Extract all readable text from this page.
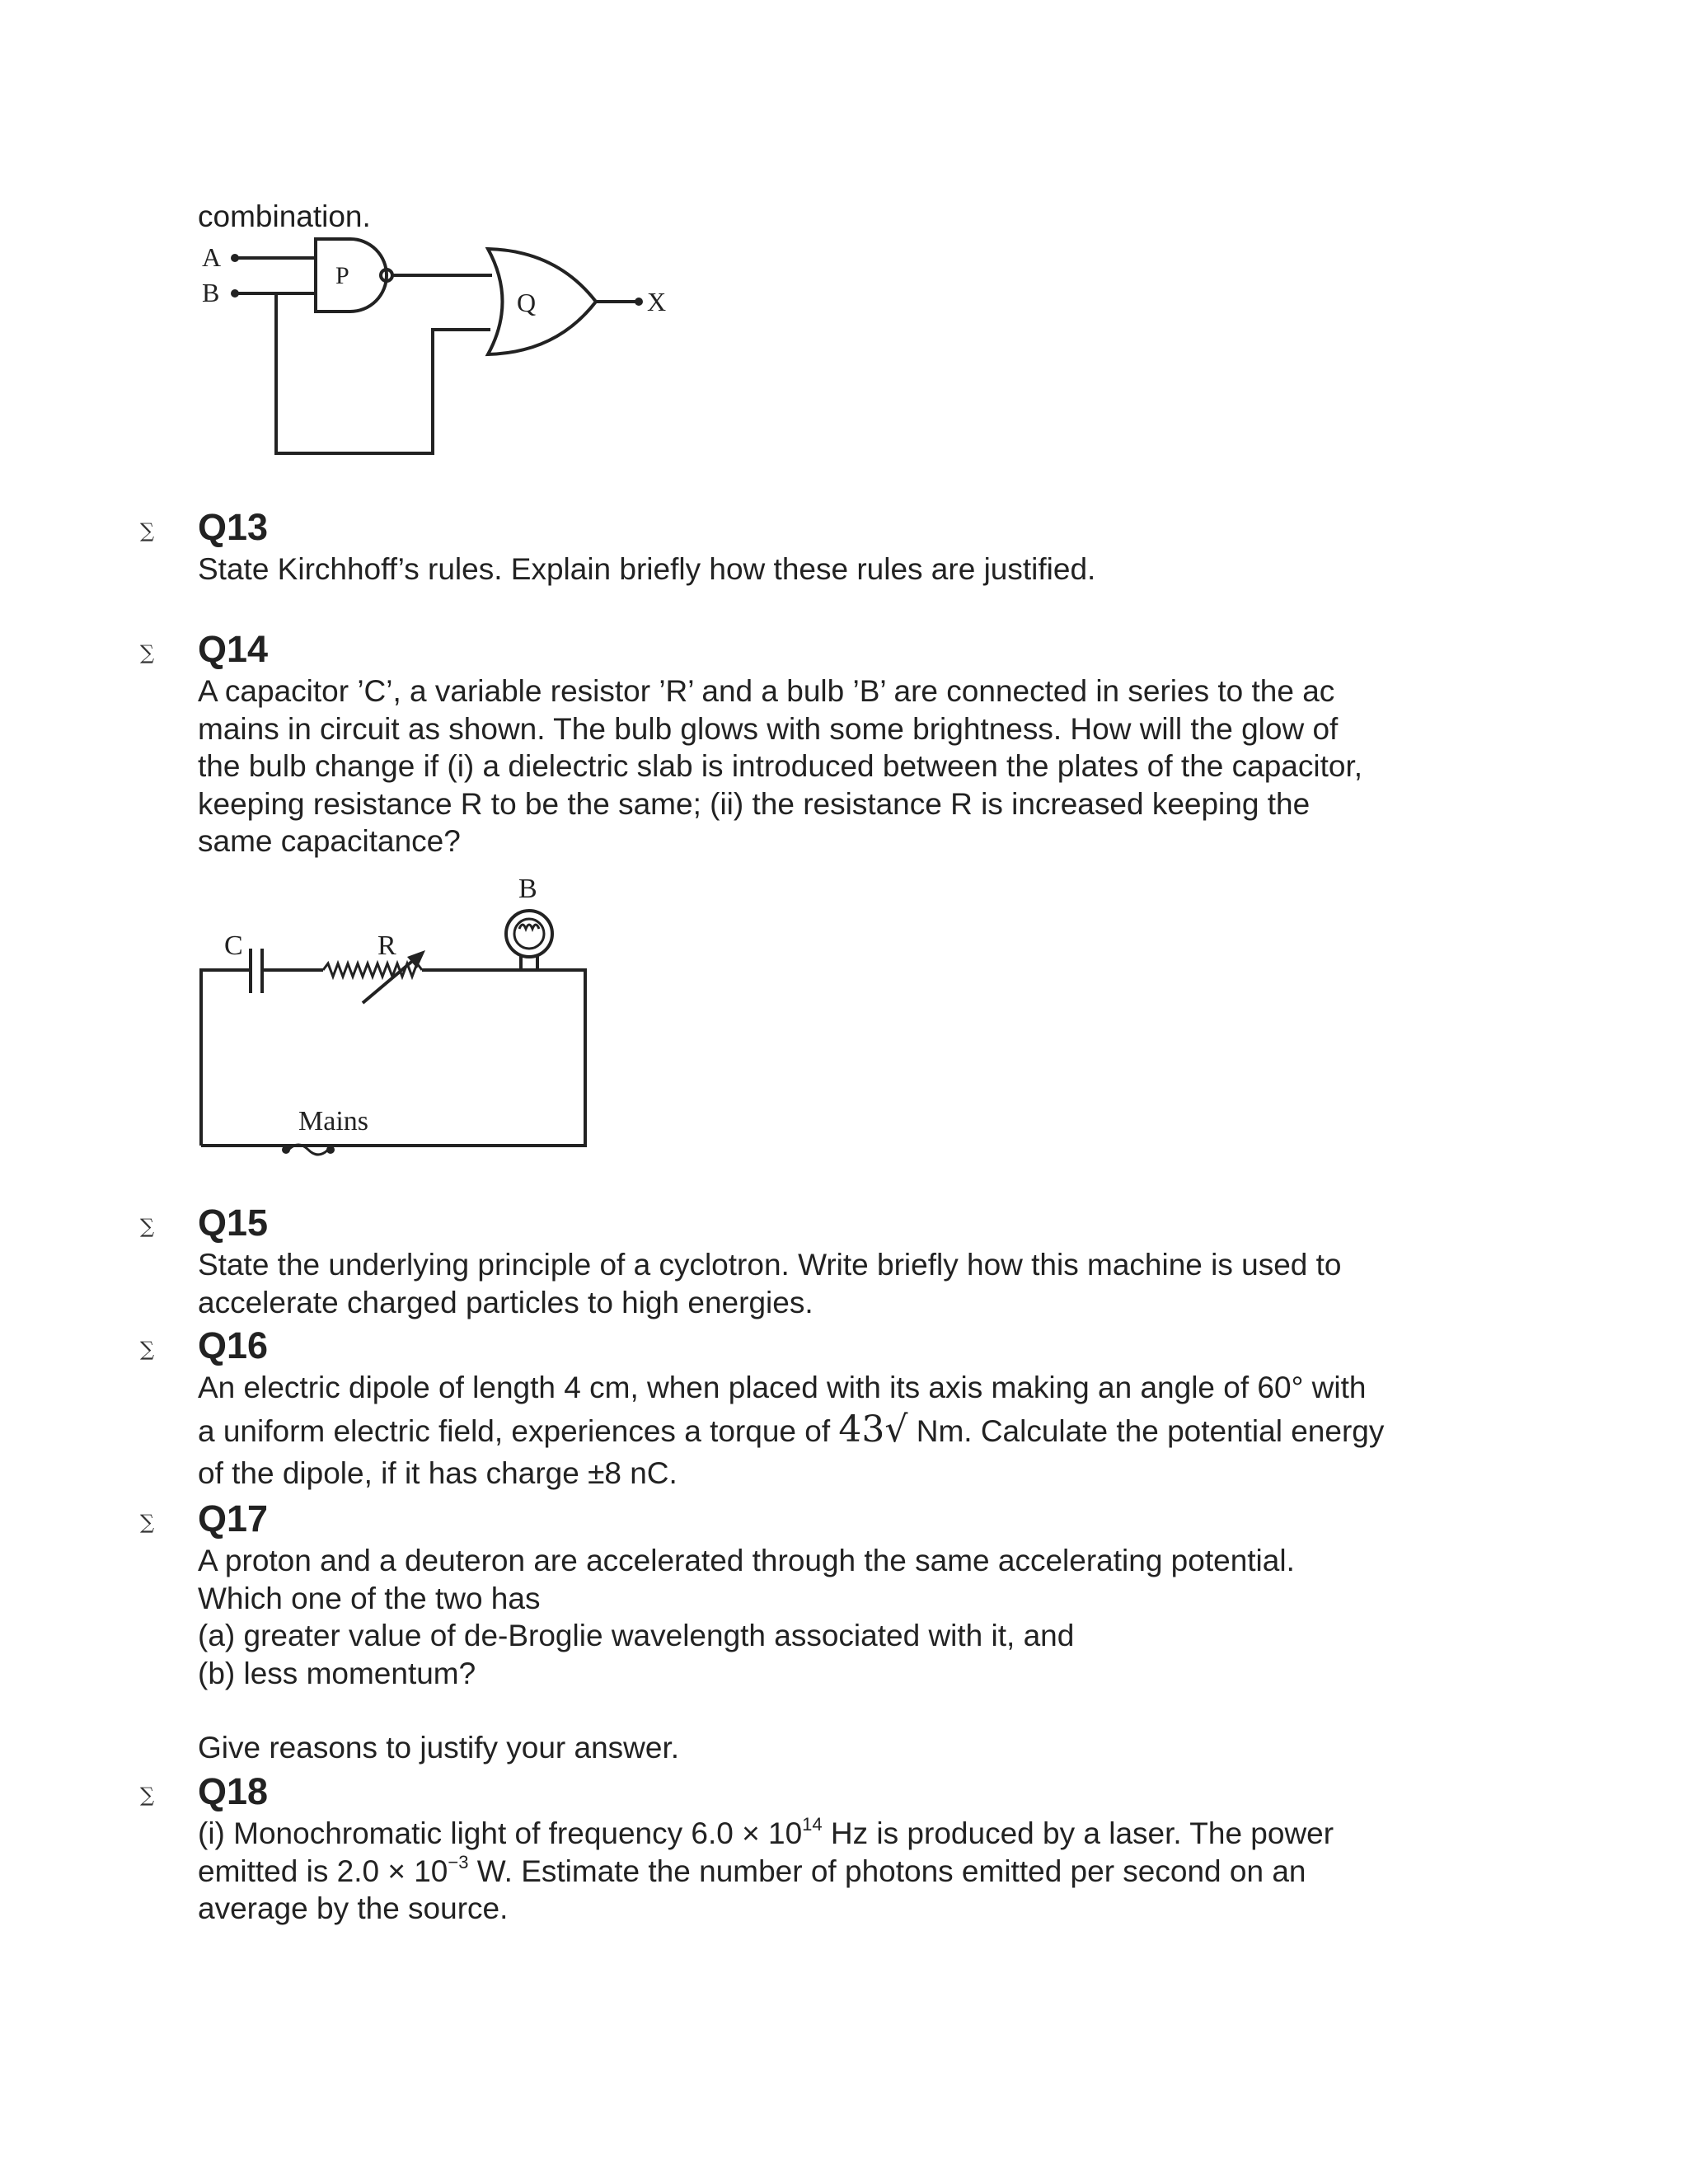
combination.

A
B
P
Q	X
∑ Q13

State Kirchhoff’s rules. Explain briefly how these rules are justified.

∑ Q14

A capacitor ’C’, a variable resistor ’R’ and a bulb ’B’ are connected in series to the ac

mains in circuit as shown. The bulb glows with some brightness. How will the glow of

the bulb change if (i) a dielectric slab is introduced between the plates of the capacitor,

keeping resistance R to be the same; (ii) the resistance R is increased keeping the

same capacitance?

C	R
B
Mains
∑ Q15

State the underlying principle of a cyclotron. Write briefly how this machine is used to

accelerate charged particles to high energies.

∑ Q16

An electric dipole of length 4 cm, when placed with its axis making an angle of 60° with

a uniform electric field, experiences a torque of 43√ Nm. Calculate the potential energy

of the dipole, if it has charge ±8 nC.

∑ Q17

A proton and a deuteron are accelerated through the same accelerating potential.

Which one of the two has

(a) greater value of de-Broglie wavelength associated with it, and

(b) less momentum?

Give reasons to justify your answer.

∑ Q18

(i) Monochromatic light of frequency $6.0 \times 10^{14}$ Hz is produced by a laser. The power

emitted is $2.0 \times 10^{-3}$ W. Estimate the number of photons emitted per second on an

average by the source.
